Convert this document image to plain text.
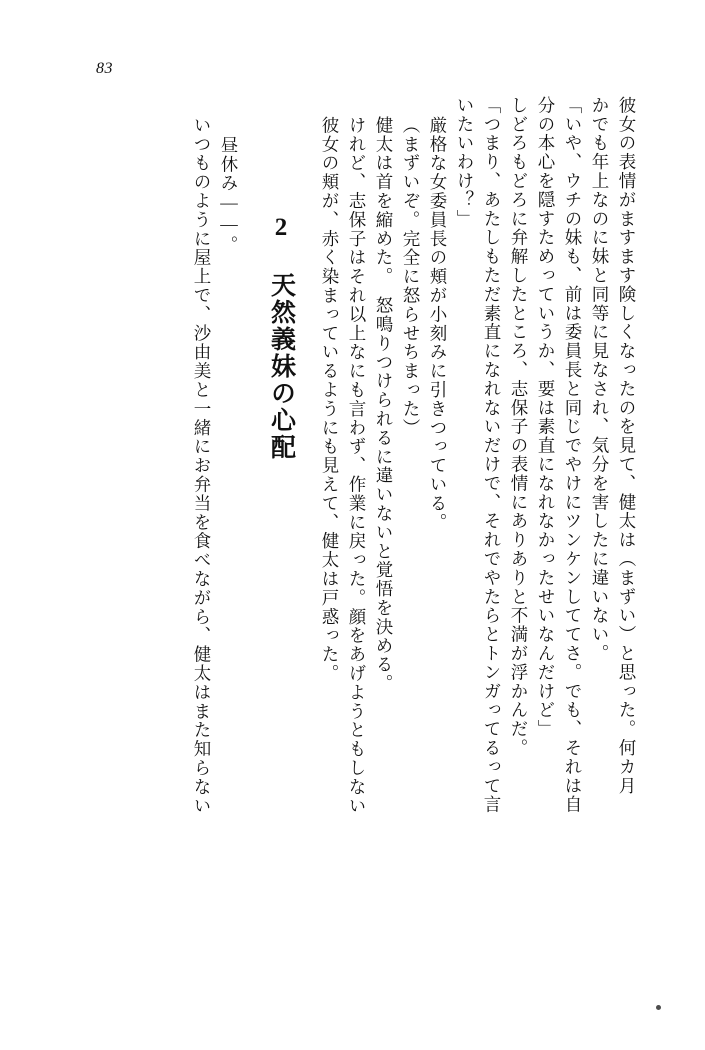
83
彼女の表情がますます険しくなったのを見て、健太は（まずい）と思った。何カ月
かでも年上なのに妹と同等に見なされ、気分を害したに違いない。
「いや、ウチの妹も、前は委員長と同じでやけにツンケンしててさ。でも、それは自
分の本心を隠すためっていうか、要は素直になれなかったせいなんだけど」
しどろもどろに弁解したところ、志保子の表情にありありと不満が浮かんだ。
「つまり、あたしもただ素直になれないだけで、それでやたらとトンガってるって言
いたいわけ？」
厳格な女委員長の頬が小刻みに引きつっている。
（まずいぞ。完全に怒らせちまった）
健太は首を縮めた。　怒鳴りつけられるに違いないと覚悟を決める。
けれど、志保子はそれ以上なにも言わず、作業に戻った。顔をあげようともしない
彼女の頬が、赤く染まっているようにも見えて、健太は戸惑った。
2 天然義妹の心配
昼休み——。
いつものように屋上で、沙由美と一緒にお弁当を食べながら、健太はまた知らない
